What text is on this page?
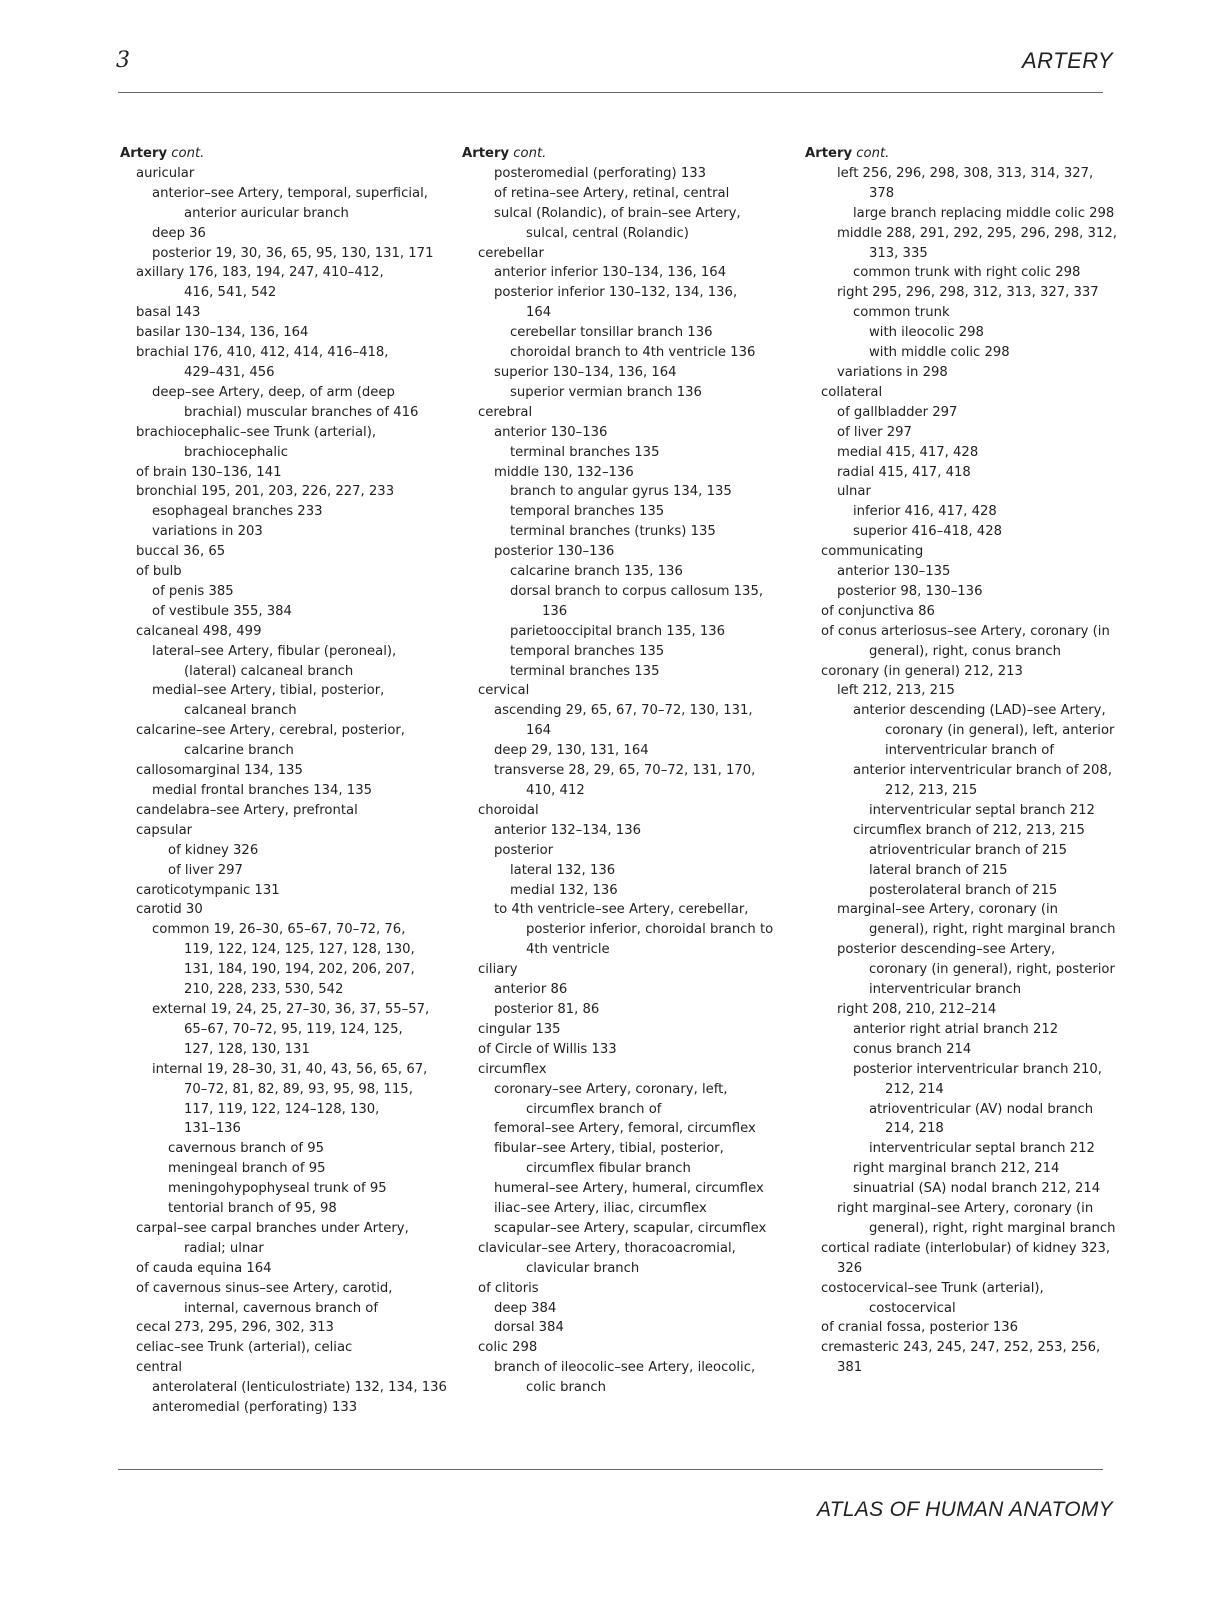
3	ARTERY
Artery cont.
auricular
anterior–see Artery, temporal, superficial,
anterior auricular branch
deep 36
posterior 19, 30, 36, 65, 95, 130, 131, 171
axillary 176, 183, 194, 247, 410–412,
416, 541, 542
basal 143
basilar 130–134, 136, 164
brachial 176, 410, 412, 414, 416–418,
429–431, 456
deep–see Artery, deep, of arm (deep
brachial) muscular branches of 416
brachiocephalic–see Trunk (arterial),
brachiocephalic
of brain 130–136, 141
bronchial 195, 201, 203, 226, 227, 233
esophageal branches 233
variations in 203
buccal 36, 65
of bulb
of penis 385
of vestibule 355, 384
calcaneal 498, 499
lateral–see Artery, fibular (peroneal),
(lateral) calcaneal branch
medial–see Artery, tibial, posterior,
calcaneal branch
calcarine–see Artery, cerebral, posterior,
calcarine branch
callosomarginal 134, 135
medial frontal branches 134, 135
candelabra–see Artery, prefrontal
capsular
of kidney 326
of liver 297
caroticotympanic 131
carotid 30
common 19, 26–30, 65–67, 70–72, 76,
119, 122, 124, 125, 127, 128, 130,
131, 184, 190, 194, 202, 206, 207,
210, 228, 233, 530, 542
external 19, 24, 25, 27–30, 36, 37, 55–57,
65–67, 70–72, 95, 119, 124, 125,
127, 128, 130, 131
internal 19, 28–30, 31, 40, 43, 56, 65, 67,
70–72, 81, 82, 89, 93, 95, 98, 115,
117, 119, 122, 124–128, 130,
131–136
cavernous branch of 95
meningeal branch of 95
meningohypophyseal trunk of 95
tentorial branch of 95, 98
carpal–see carpal branches under Artery,
radial; ulnar
of cauda equina 164
of cavernous sinus–see Artery, carotid,
internal, cavernous branch of
cecal 273, 295, 296, 302, 313
celiac–see Trunk (arterial), celiac
central
anterolateral (lenticulostriate) 132, 134, 136
anteromedial (perforating) 133
Artery cont.
posteromedial (perforating) 133
of retina–see Artery, retinal, central
sulcal (Rolandic), of brain–see Artery,
sulcal, central (Rolandic)
cerebellar
anterior inferior 130–134, 136, 164
posterior inferior 130–132, 134, 136,
164
cerebellar tonsillar branch 136
choroidal branch to 4th ventricle 136
superior 130–134, 136, 164
superior vermian branch 136
cerebral
anterior 130–136
terminal branches 135
middle 130, 132–136
branch to angular gyrus 134, 135
temporal branches 135
terminal branches (trunks) 135
posterior 130–136
calcarine branch 135, 136
dorsal branch to corpus callosum 135,
136
parietooccipital branch 135, 136
temporal branches 135
terminal branches 135
cervical
ascending 29, 65, 67, 70–72, 130, 131,
164
deep 29, 130, 131, 164
transverse 28, 29, 65, 70–72, 131, 170,
410, 412
choroidal
anterior 132–134, 136
posterior
lateral 132, 136
medial 132, 136
to 4th ventricle–see Artery, cerebellar,
posterior inferior, choroidal branch to
4th ventricle
ciliary
anterior 86
posterior 81, 86
cingular 135
of Circle of Willis 133
circumflex
coronary–see Artery, coronary, left,
circumflex branch of
femoral–see Artery, femoral, circumflex
fibular–see Artery, tibial, posterior,
circumflex fibular branch
humeral–see Artery, humeral, circumflex
iliac–see Artery, iliac, circumflex
scapular–see Artery, scapular, circumflex
clavicular–see Artery, thoracoacromial,
clavicular branch
of clitoris
deep 384
dorsal 384
colic 298
branch of ileocolic–see Artery, ileocolic,
colic branch
Artery cont.
left 256, 296, 298, 308, 313, 314, 327,
378
large branch replacing middle colic 298
middle 288, 291, 292, 295, 296, 298, 312,
313, 335
common trunk with right colic 298
right 295, 296, 298, 312, 313, 327, 337
common trunk
with ileocolic 298
with middle colic 298
variations in 298
collateral
of gallbladder 297
of liver 297
medial 415, 417, 428
radial 415, 417, 418
ulnar
inferior 416, 417, 428
superior 416–418, 428
communicating
anterior 130–135
posterior 98, 130–136
of conjunctiva 86
of conus arteriosus–see Artery, coronary (in
general), right, conus branch
coronary (in general) 212, 213
left 212, 213, 215
anterior descending (LAD)–see Artery,
coronary (in general), left, anterior
interventricular branch of
anterior interventricular branch of 208,
212, 213, 215
interventricular septal branch 212
circumflex branch of 212, 213, 215
atrioventricular branch of 215
lateral branch of 215
posterolateral branch of 215
marginal–see Artery, coronary (in
general), right, right marginal branch
posterior descending–see Artery,
coronary (in general), right, posterior
interventricular branch
right 208, 210, 212–214
anterior right atrial branch 212
conus branch 214
posterior interventricular branch 210,
212, 214
atrioventricular (AV) nodal branch
214, 218
interventricular septal branch 212
right marginal branch 212, 214
sinuatrial (SA) nodal branch 212, 214
right marginal–see Artery, coronary (in
general), right, right marginal branch
cortical radiate (interlobular) of kidney 323,
326
costocervical–see Trunk (arterial),
costocervical
of cranial fossa, posterior 136
cremasteric 243, 245, 247, 252, 253, 256,
381
ATLAS OF HUMAN ANATOMY
